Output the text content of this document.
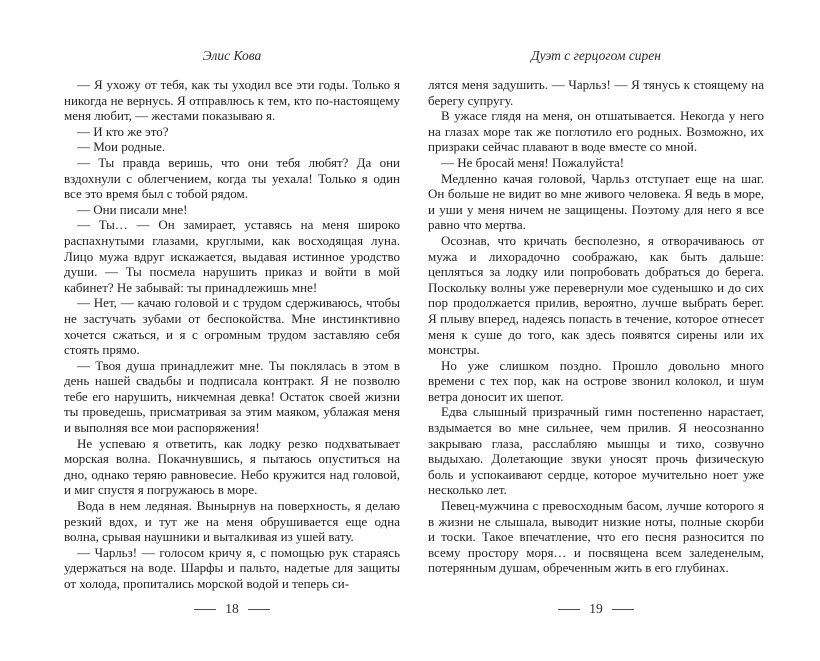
Элис Кова

— Я ухожу от тебя, как ты уходил все эти годы. Только я никогда не вернусь. Я отправлюсь к тем, кто по-настоящему меня любит, — жестами показываю я.

— И кто же это?

— Мои родные.

— Ты правда веришь, что они тебя любят? Да они вздохнули с облегчением, когда ты уехала! Только я один все это время был с тобой рядом.

— Они писали мне!

— Ты… — Он замирает, уставясь на меня широко распахнутыми глазами, круглыми, как восходящая луна. Лицо мужа вдруг искажается, выдавая истинное уродство души. — Ты посмела нарушить приказ и войти в мой кабинет? Не забывай: ты принадлежишь мне!

— Нет, — качаю головой и с трудом сдерживаюсь, чтобы не застучать зубами от беспокойства. Мне инстинктивно хочется сжаться, и я с огромным трудом заставляю себя стоять прямо.

— Твоя душа принадлежит мне. Ты поклялась в этом в день нашей свадьбы и подписала контракт. Я не позволю тебе его нарушить, никчемная девка! Остаток своей жизни ты проведешь, присматривая за этим маяком, ублажая меня и выполняя все мои распоряжения!

Не успеваю я ответить, как лодку резко подхватывает морская волна. Покачнувшись, я пытаюсь опуститься на дно, однако теряю равновесие. Небо кружится над головой, и миг спустя я погружаюсь в море.

Вода в нем ледяная. Вынырнув на поверхность, я делаю резкий вдох, и тут же на меня обрушивается еще одна волна, срывая наушники и выталкивая из ушей вату.

— Чарльз! — голосом кричу я, с помощью рук стараясь удержаться на воде. Шарфы и пальто, надетые для защиты от холода, пропитались морской водой и теперь си-

18
Дуэт с герцогом сирен

лятся меня задушить. — Чарльз! — Я тянусь к стоящему на берегу супругу.

В ужасе глядя на меня, он отшатывается. Некогда у него на глазах море так же поглотило его родных. Возможно, их призраки сейчас плавают в воде вместе со мной.

— Не бросай меня! Пожалуйста!

Медленно качая головой, Чарльз отступает еще на шаг. Он больше не видит во мне живого человека. Я ведь в море, и уши у меня ничем не защищены. Поэтому для него я все равно что мертва.

Осознав, что кричать бесполезно, я отворачиваюсь от мужа и лихорадочно соображаю, как быть дальше: цепляться за лодку или попробовать добраться до берега. Поскольку волны уже перевернули мое суденышко и до сих пор продолжается прилив, вероятно, лучше выбрать берег. Я плыву вперед, надеясь попасть в течение, которое отнесет меня к суше до того, как здесь появятся сирены или их монстры.

Но уже слишком поздно. Прошло довольно много времени с тех пор, как на острове звонил колокол, и шум ветра доносит их шепот.

Едва слышный призрачный гимн постепенно нарастает, вздымается во мне сильнее, чем прилив. Я неосознанно закрываю глаза, расслабляю мышцы и тихо, созвучно выдыхаю. Долетающие звуки уносят прочь физическую боль и успокаивают сердце, которое мучительно ноет уже несколько лет.

Певец-мужчина с превосходным басом, лучше которого я в жизни не слышала, выводит низкие ноты, полные скорби и тоски. Такое впечатление, что его песня разносится по всему простору моря… и посвящена всем заледенелым, потерянным душам, обреченным жить в его глубинах.

19
